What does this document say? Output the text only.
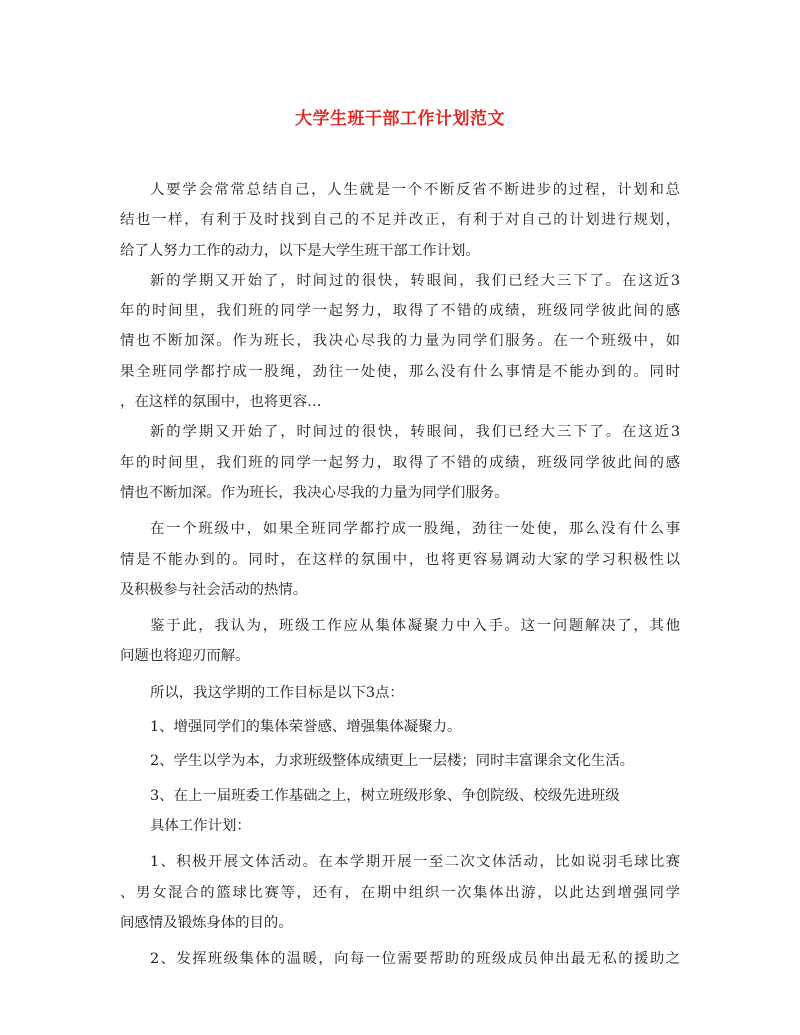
大学生班干部工作计划范文
人要学会常常总结自己，人生就是一个不断反省不断进步的过程，计划和总
结也一样，有利于及时找到自己的不足并改正，有利于对自己的计划进行规划，
给了人努力工作的动力，以下是大学生班干部工作计划。
新的学期又开始了，时间过的很快，转眼间，我们已经大三下了。在这近3
年的时间里，我们班的同学一起努力，取得了不错的成绩，班级同学彼此间的感
情也不断加深。作为班长，我决心尽我的力量为同学们服务。在一个班级中，如
果全班同学都拧成一股绳，劲往一处使，那么没有什么事情是不能办到的。同时
，在这样的氛围中，也将更容…
新的学期又开始了，时间过的很快，转眼间，我们已经大三下了。在这近3
年的时间里，我们班的同学一起努力，取得了不错的成绩，班级同学彼此间的感
情也不断加深。作为班长，我决心尽我的力量为同学们服务。
在一个班级中，如果全班同学都拧成一股绳，劲往一处使，那么没有什么事
情是不能办到的。同时，在这样的氛围中，也将更容易调动大家的学习积极性以
及积极参与社会活动的热情。
鉴于此，我认为，班级工作应从集体凝聚力中入手。这一问题解决了，其他
问题也将迎刃而解。
所以，我这学期的工作目标是以下3点：
1、增强同学们的集体荣誉感、增强集体凝聚力。
2、学生以学为本，力求班级整体成绩更上一层楼；同时丰富课余文化生活。
3、在上一届班委工作基础之上，树立班级形象、争创院级、校级先进班级
具体工作计划：
1、积极开展文体活动。在本学期开展一至二次文体活动，比如说羽毛球比赛
、男女混合的篮球比赛等，还有，在期中组织一次集体出游，以此达到增强同学
间感情及锻炼身体的目的。
2、发挥班级集体的温暖，向每一位需要帮助的班级成员伸出最无私的援助之
